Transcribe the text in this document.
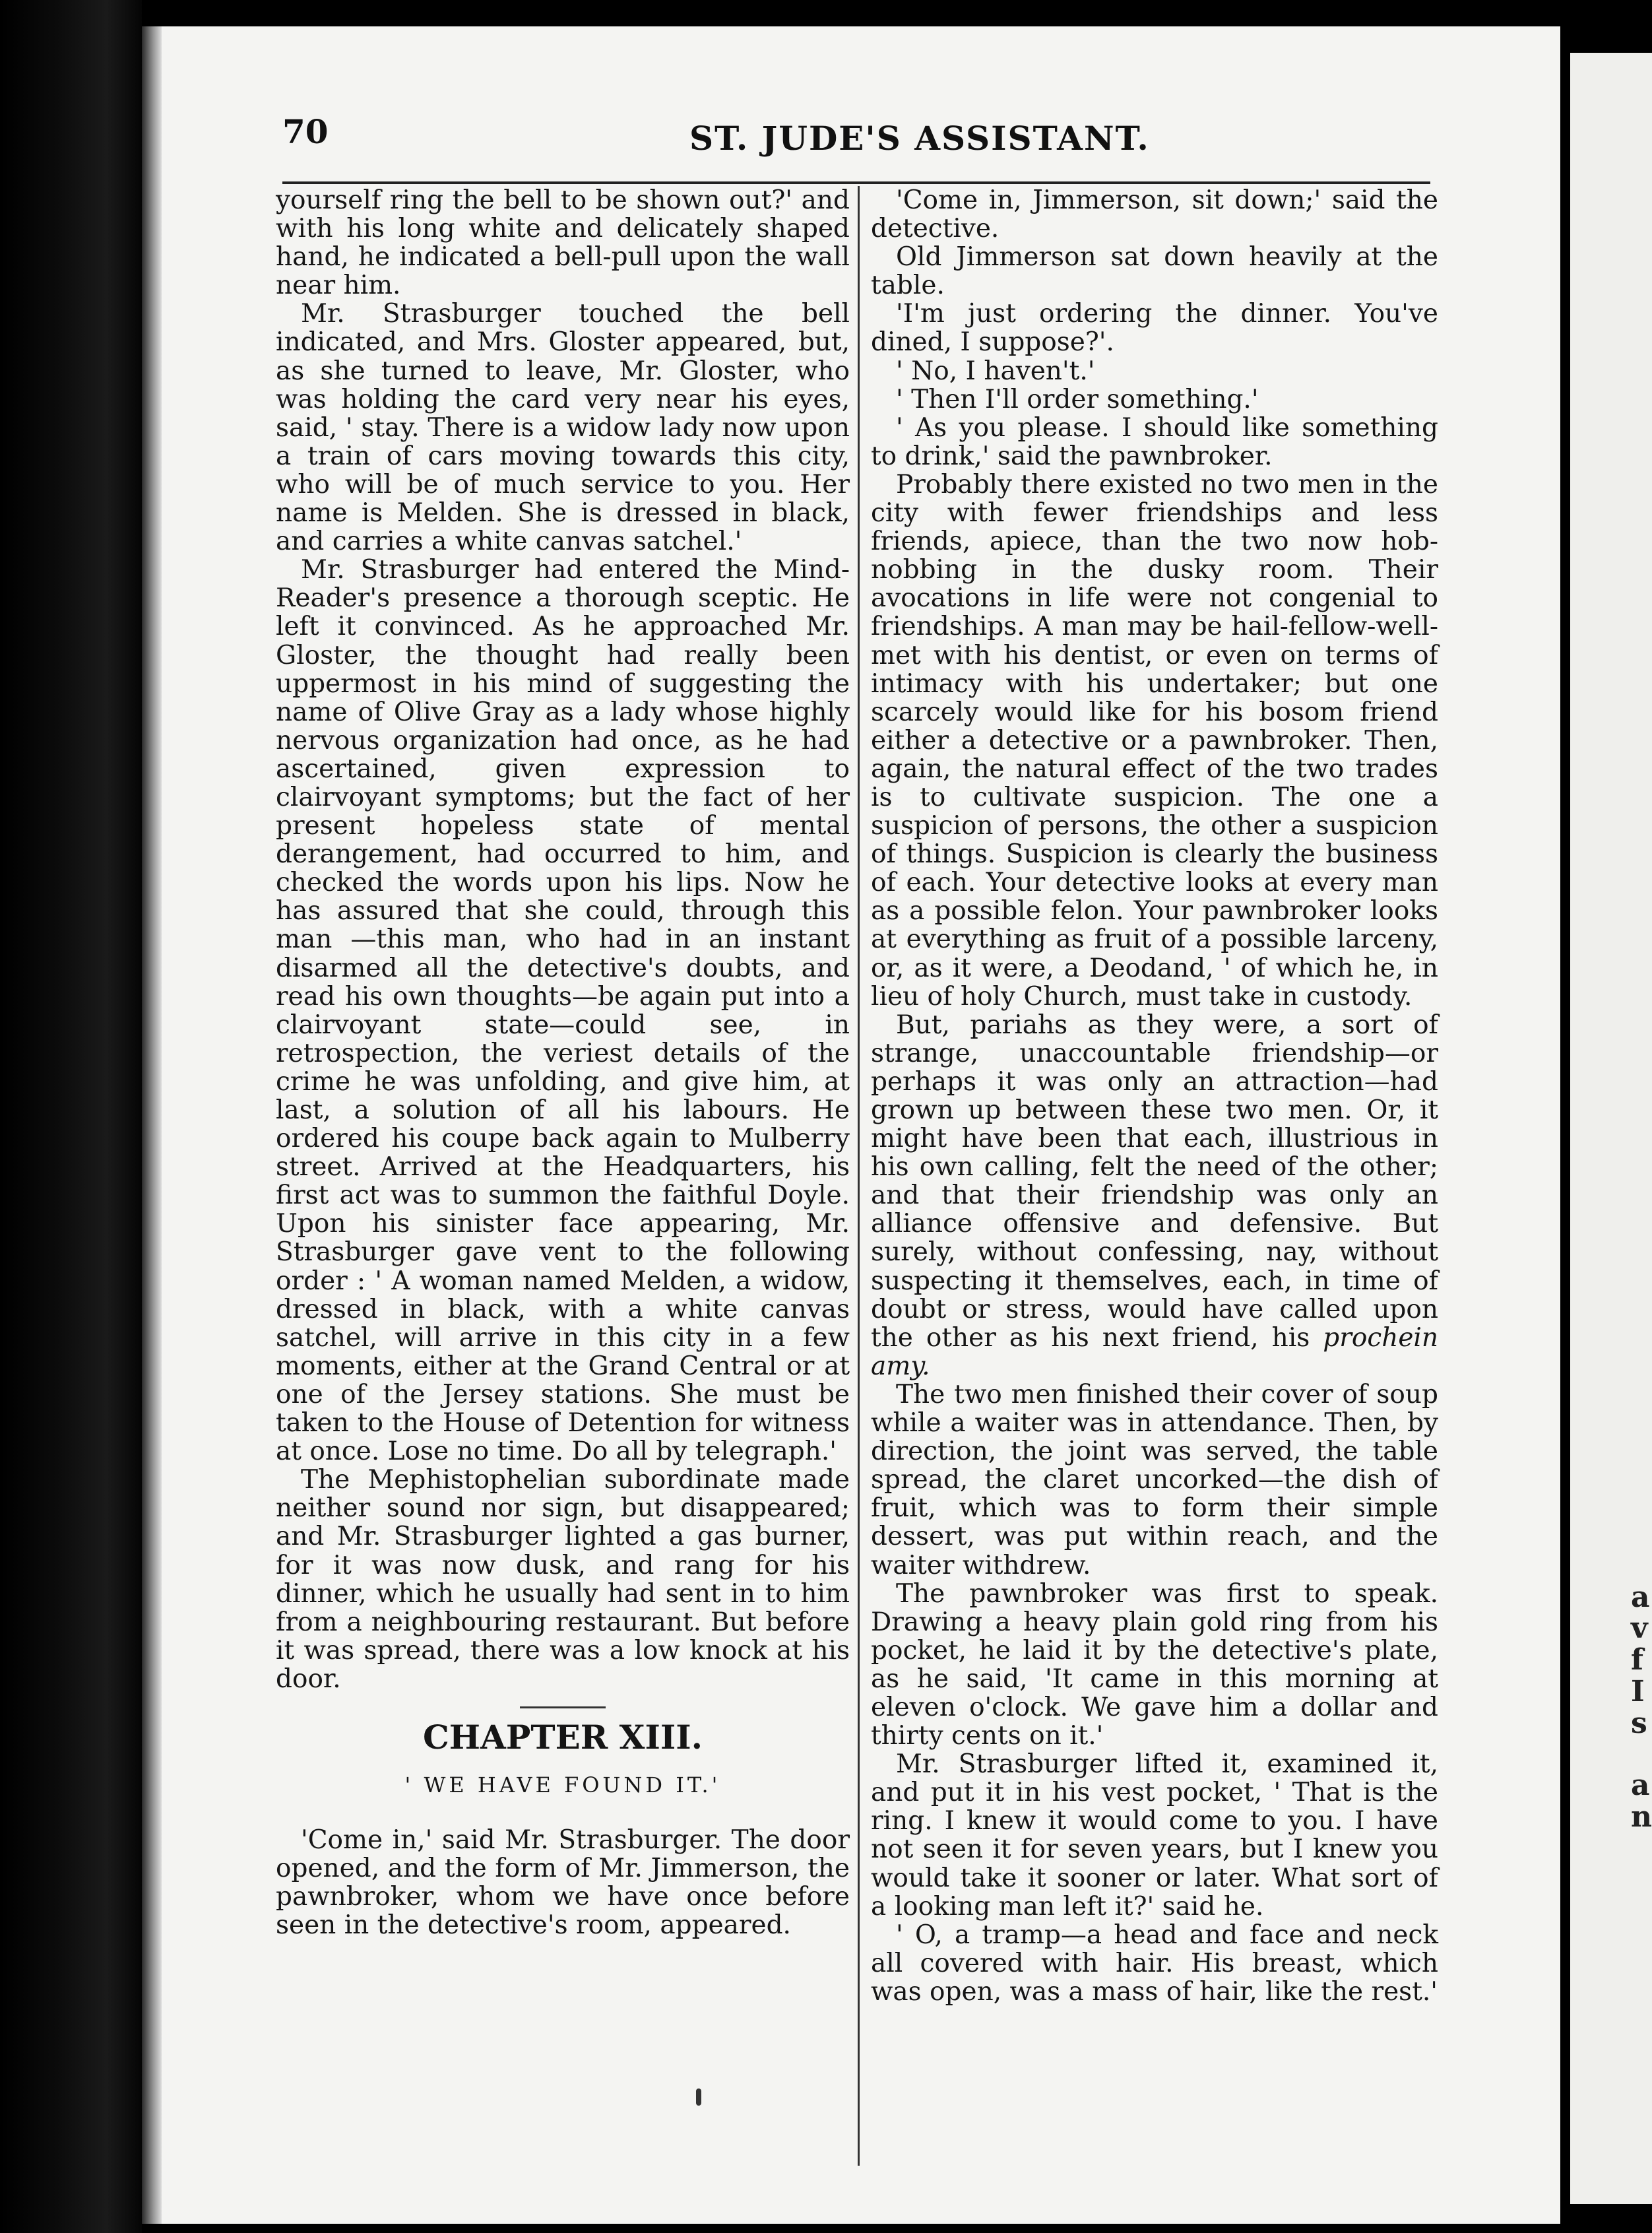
a
v
f
I
s
a
n
70	ST. JUDE'S ASSISTANT.

yourself ring the bell to be shown out?' and with his long white and delicately shaped hand, he indicated a bell-pull upon the wall near him.

Mr. Strasburger touched the bell indicated, and Mrs. Gloster appeared, but, as she turned to leave, Mr. Gloster, who was holding the card very near his eyes, said, ' stay. There is a widow lady now upon a train of cars moving towards this city, who will be of much service to you. Her name is Melden. She is dressed in black, and carries a white canvas satchel.'

Mr. Strasburger had entered the Mind-Reader's presence a thorough sceptic. He left it convinced. As he approached Mr. Gloster, the thought had really been uppermost in his mind of suggesting the name of Olive Gray as a lady whose highly nervous organization had once, as he had ascertained, given expression to clairvoyant symptoms; but the fact of her present hopeless state of mental derangement, had occurred to him, and checked the words upon his lips. Now he has assured that she could, through this man —this man, who had in an instant disarmed all the detective's doubts, and read his own thoughts—be again put into a clairvoyant state—could see, in retrospection, the veriest details of the crime he was unfolding, and give him, at last, a solution of all his labours. He ordered his coupe back again to Mulberry street. Arrived at the Headquarters, his first act was to summon the faithful Doyle. Upon his sinister face appearing, Mr. Strasburger gave vent to the following order : ' A woman named Melden, a widow, dressed in black, with a white canvas satchel, will arrive in this city in a few moments, either at the Grand Central or at one of the Jersey stations. She must be taken to the House of Detention for witness at once. Lose no time. Do all by telegraph.'

The Mephistophelian subordinate made neither sound nor sign, but disappeared; and Mr. Strasburger lighted a gas burner, for it was now dusk, and rang for his dinner, which he usually had sent in to him from a neighbouring restaurant. But before it was spread, there was a low knock at his door.

CHAPTER XIII.

' WE HAVE FOUND IT.'

'Come in,' said Mr. Strasburger. The door opened, and the form of Mr. Jimmerson, the pawnbroker, whom we have once before seen in the detective's room, appeared.

'Come in, Jimmerson, sit down;' said the detective.

Old Jimmerson sat down heavily at the table.

'I'm just ordering the dinner. You've dined, I suppose?'.

' No, I haven't.'

' Then I'll order something.'

' As you please. I should like something to drink,' said the pawnbroker.

Probably there existed no two men in the city with fewer friendships and less friends, apiece, than the two now hob-nobbing in the dusky room. Their avocations in life were not congenial to friendships. A man may be hail-fellow-well-met with his dentist, or even on terms of intimacy with his undertaker; but one scarcely would like for his bosom friend either a detective or a pawnbroker. Then, again, the natural effect of the two trades is to cultivate suspicion. The one a suspicion of persons, the other a suspicion of things. Suspicion is clearly the business of each. Your detective looks at every man as a possible felon. Your pawnbroker looks at everything as fruit of a possible larceny, or, as it were, a Deodand, ' of which he, in lieu of holy Church, must take in custody.

But, pariahs as they were, a sort of strange, unaccountable friendship—or perhaps it was only an attraction—had grown up between these two men. Or, it might have been that each, illustrious in his own calling, felt the need of the other; and that their friendship was only an alliance offensive and defensive. But surely, without confessing, nay, without suspecting it themselves, each, in time of doubt or stress, would have called upon the other as his next friend, his prochein amy.

The two men finished their cover of soup while a waiter was in attendance. Then, by direction, the joint was served, the table spread, the claret uncorked—the dish of fruit, which was to form their simple dessert, was put within reach, and the waiter withdrew.

The pawnbroker was first to speak. Drawing a heavy plain gold ring from his pocket, he laid it by the detective's plate, as he said, 'It came in this morning at eleven o'clock. We gave him a dollar and thirty cents on it.'

Mr. Strasburger lifted it, examined it, and put it in his vest pocket, ' That is the ring. I knew it would come to you. I have not seen it for seven years, but I knew you would take it sooner or later. What sort of a looking man left it?' said he.

' O, a tramp—a head and face and neck all covered with hair. His breast, which was open, was a mass of hair, like the rest.'
